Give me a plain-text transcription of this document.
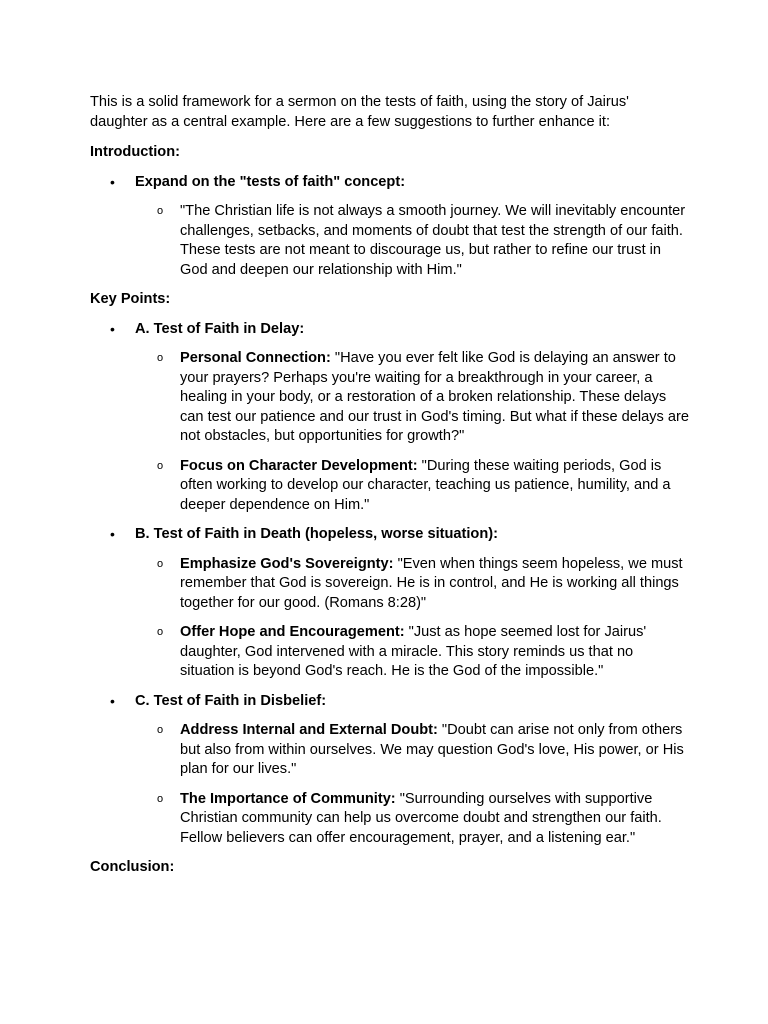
This is a solid framework for a sermon on the tests of faith, using the story of Jairus' daughter as a central example. Here are a few suggestions to further enhance it:

Introduction:

• Expand on the "tests of faith" concept:
o "The Christian life is not always a smooth journey. We will inevitably encounter challenges, setbacks, and moments of doubt that test the strength of our faith. These tests are not meant to discourage us, but rather to refine our trust in God and deepen our relationship with Him."

Key Points:

• A. Test of Faith in Delay:
o Personal Connection: "Have you ever felt like God is delaying an answer to your prayers? Perhaps you're waiting for a breakthrough in your career, a healing in your body, or a restoration of a broken relationship. These delays can test our patience and our trust in God's timing. But what if these delays are not obstacles, but opportunities for growth?"
o Focus on Character Development: "During these waiting periods, God is often working to develop our character, teaching us patience, humility, and a deeper dependence on Him."
• B. Test of Faith in Death (hopeless, worse situation):
o Emphasize God's Sovereignty: "Even when things seem hopeless, we must remember that God is sovereign. He is in control, and He is working all things together for our good. (Romans 8:28)"
o Offer Hope and Encouragement: "Just as hope seemed lost for Jairus' daughter, God intervened with a miracle. This story reminds us that no situation is beyond God's reach. He is the God of the impossible."
• C. Test of Faith in Disbelief:
o Address Internal and External Doubt: "Doubt can arise not only from others but also from within ourselves. We may question God's love, His power, or His plan for our lives."
o The Importance of Community: "Surrounding ourselves with supportive Christian community can help us overcome doubt and strengthen our faith. Fellow believers can offer encouragement, prayer, and a listening ear."

Conclusion:
